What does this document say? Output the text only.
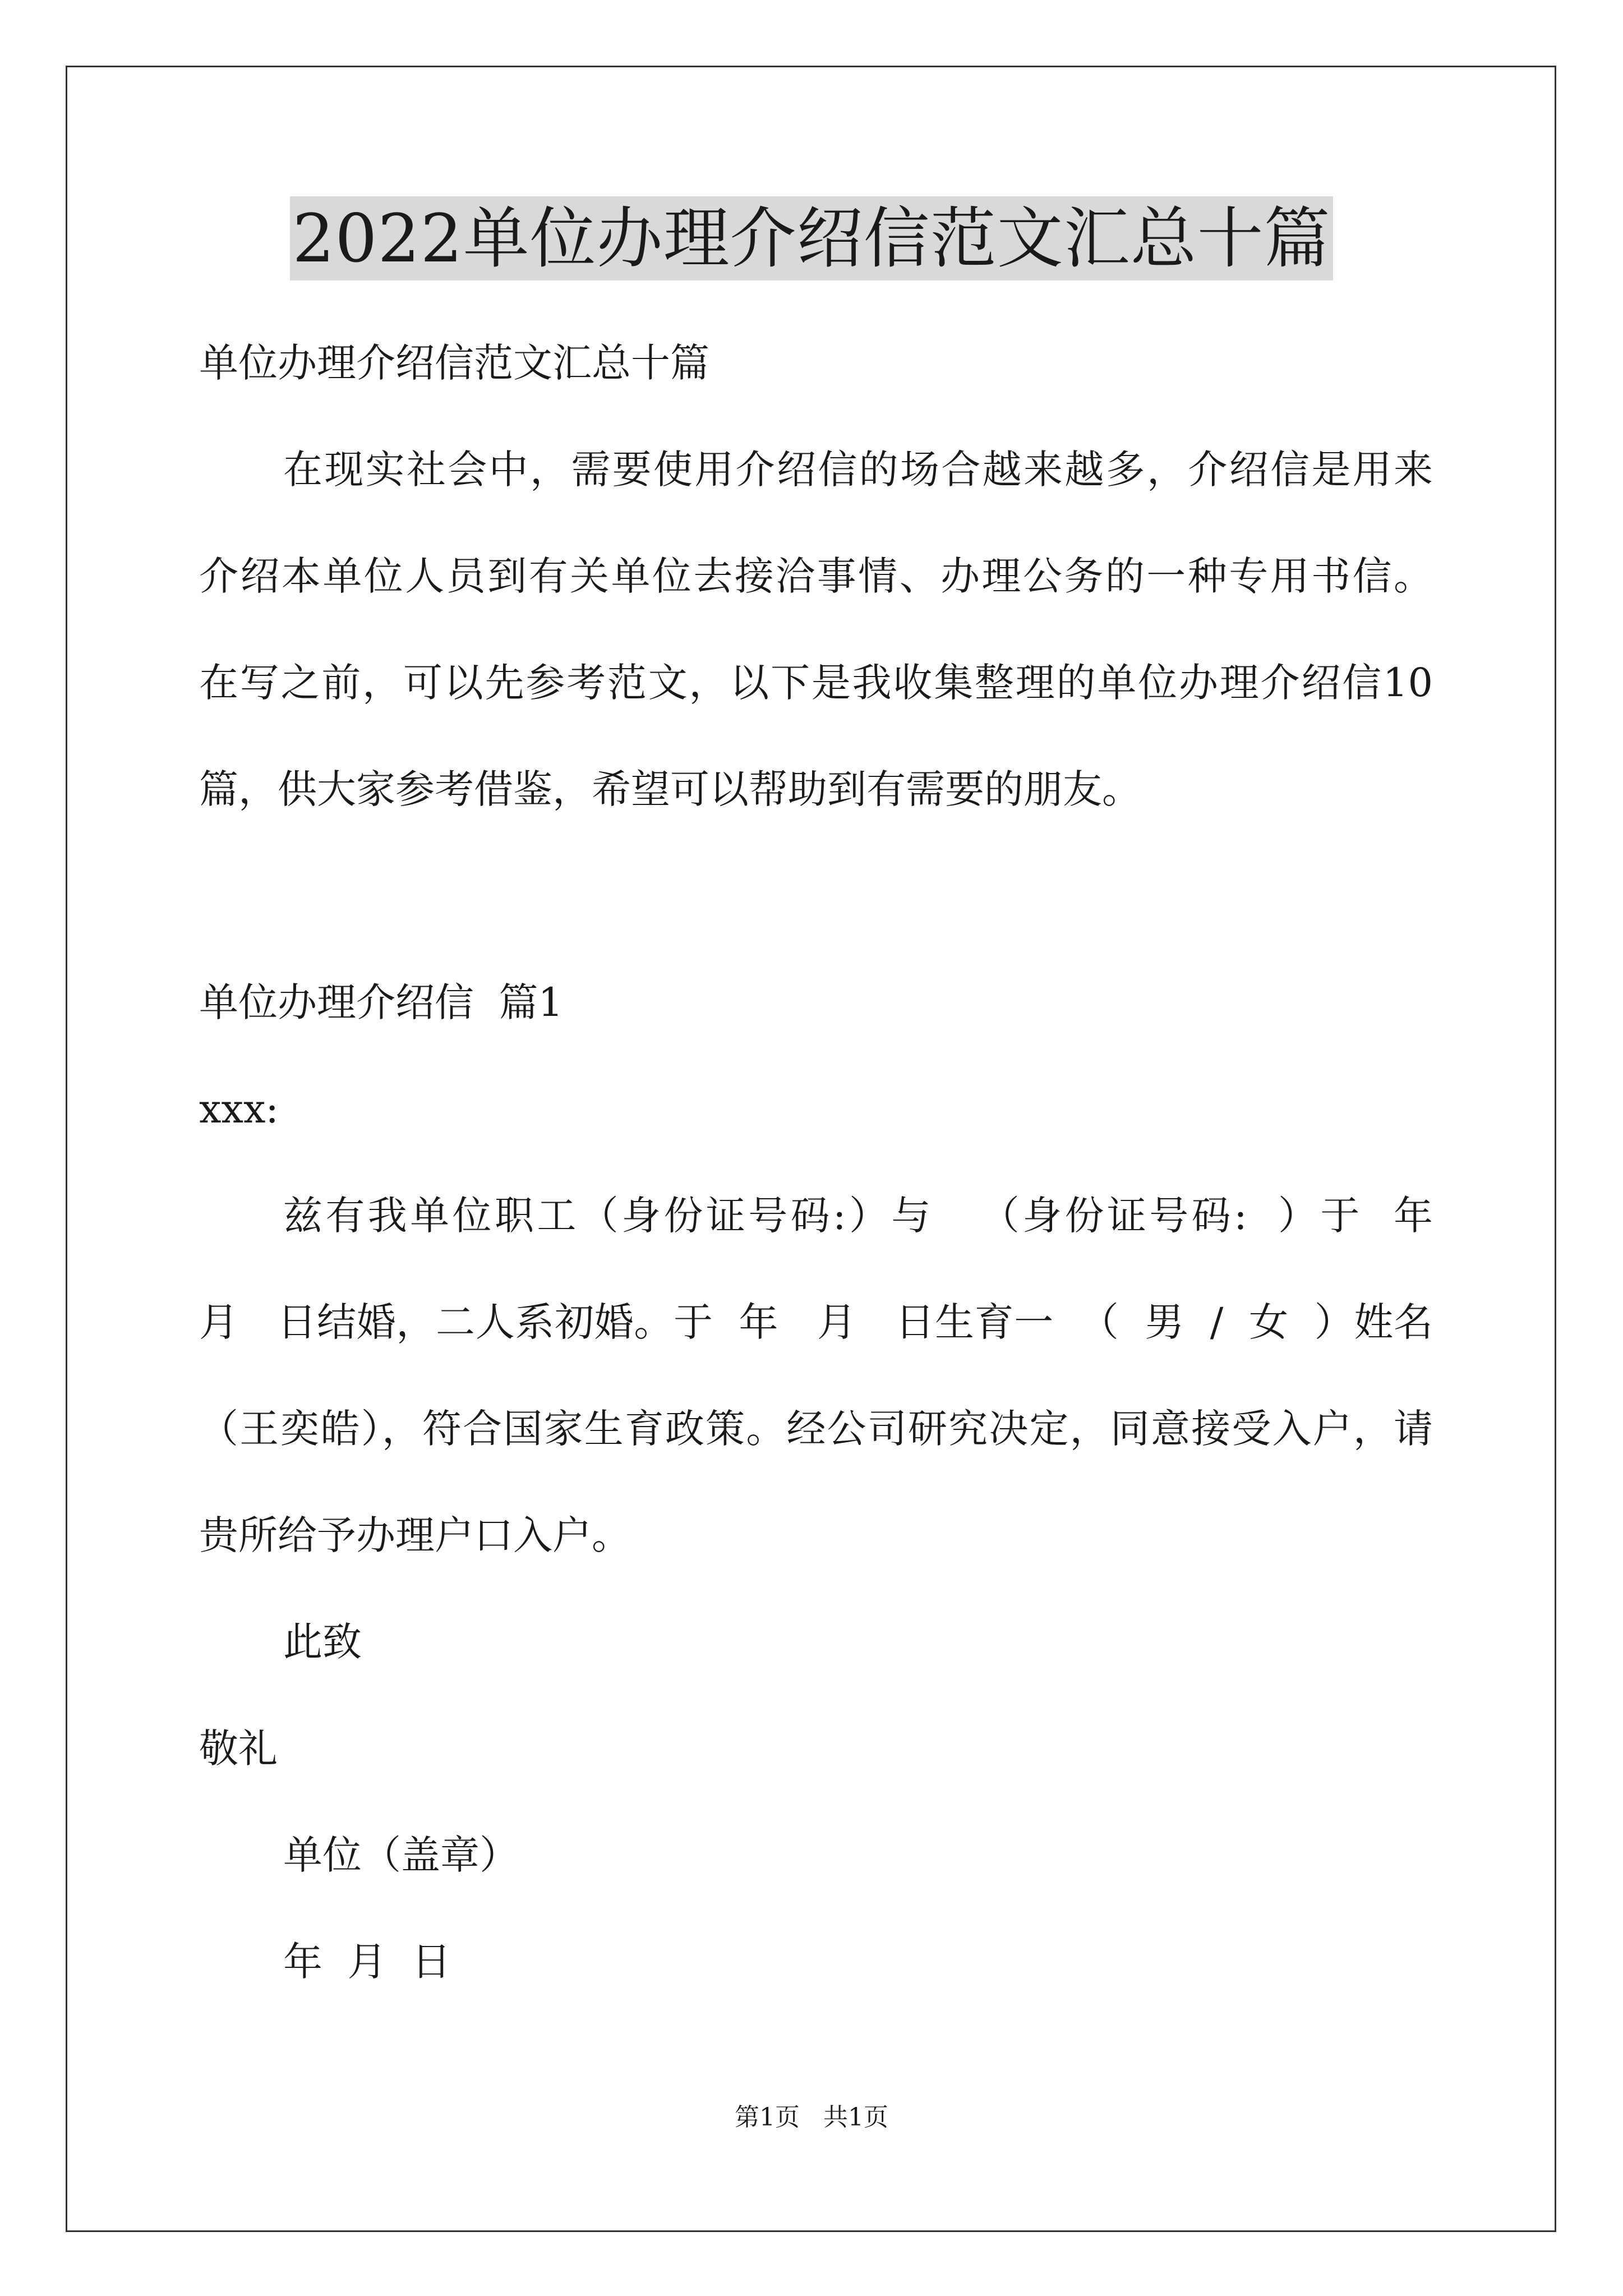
2022单位办理介绍信范文汇总十篇
单位办理介绍信范文汇总十篇
在现实社会中，需要使用介绍信的场合越来越多，介绍信是用来
介绍本单位人员到有关单位去接洽事情、办理公务的一种专用书信。
在写之前，可以先参考范文，以下是我收集整理的单位办理介绍信10
篇，供大家参考借鉴，希望可以帮助到有需要的朋友。
单位办理介绍信  篇1
xxx:
兹有我单位职工（身份证号码:）与   （身份证号码:  ）于  年
月   日结婚，二人系初婚。于  年   月   日生育一  （  男  /  女  ）姓名
（王奕皓），符合国家生育政策。经公司研究决定，同意接受入户，请
贵所给予办理户口入户。
此致
敬礼
单位（盖章）
年  月  日
第1页   共1页
